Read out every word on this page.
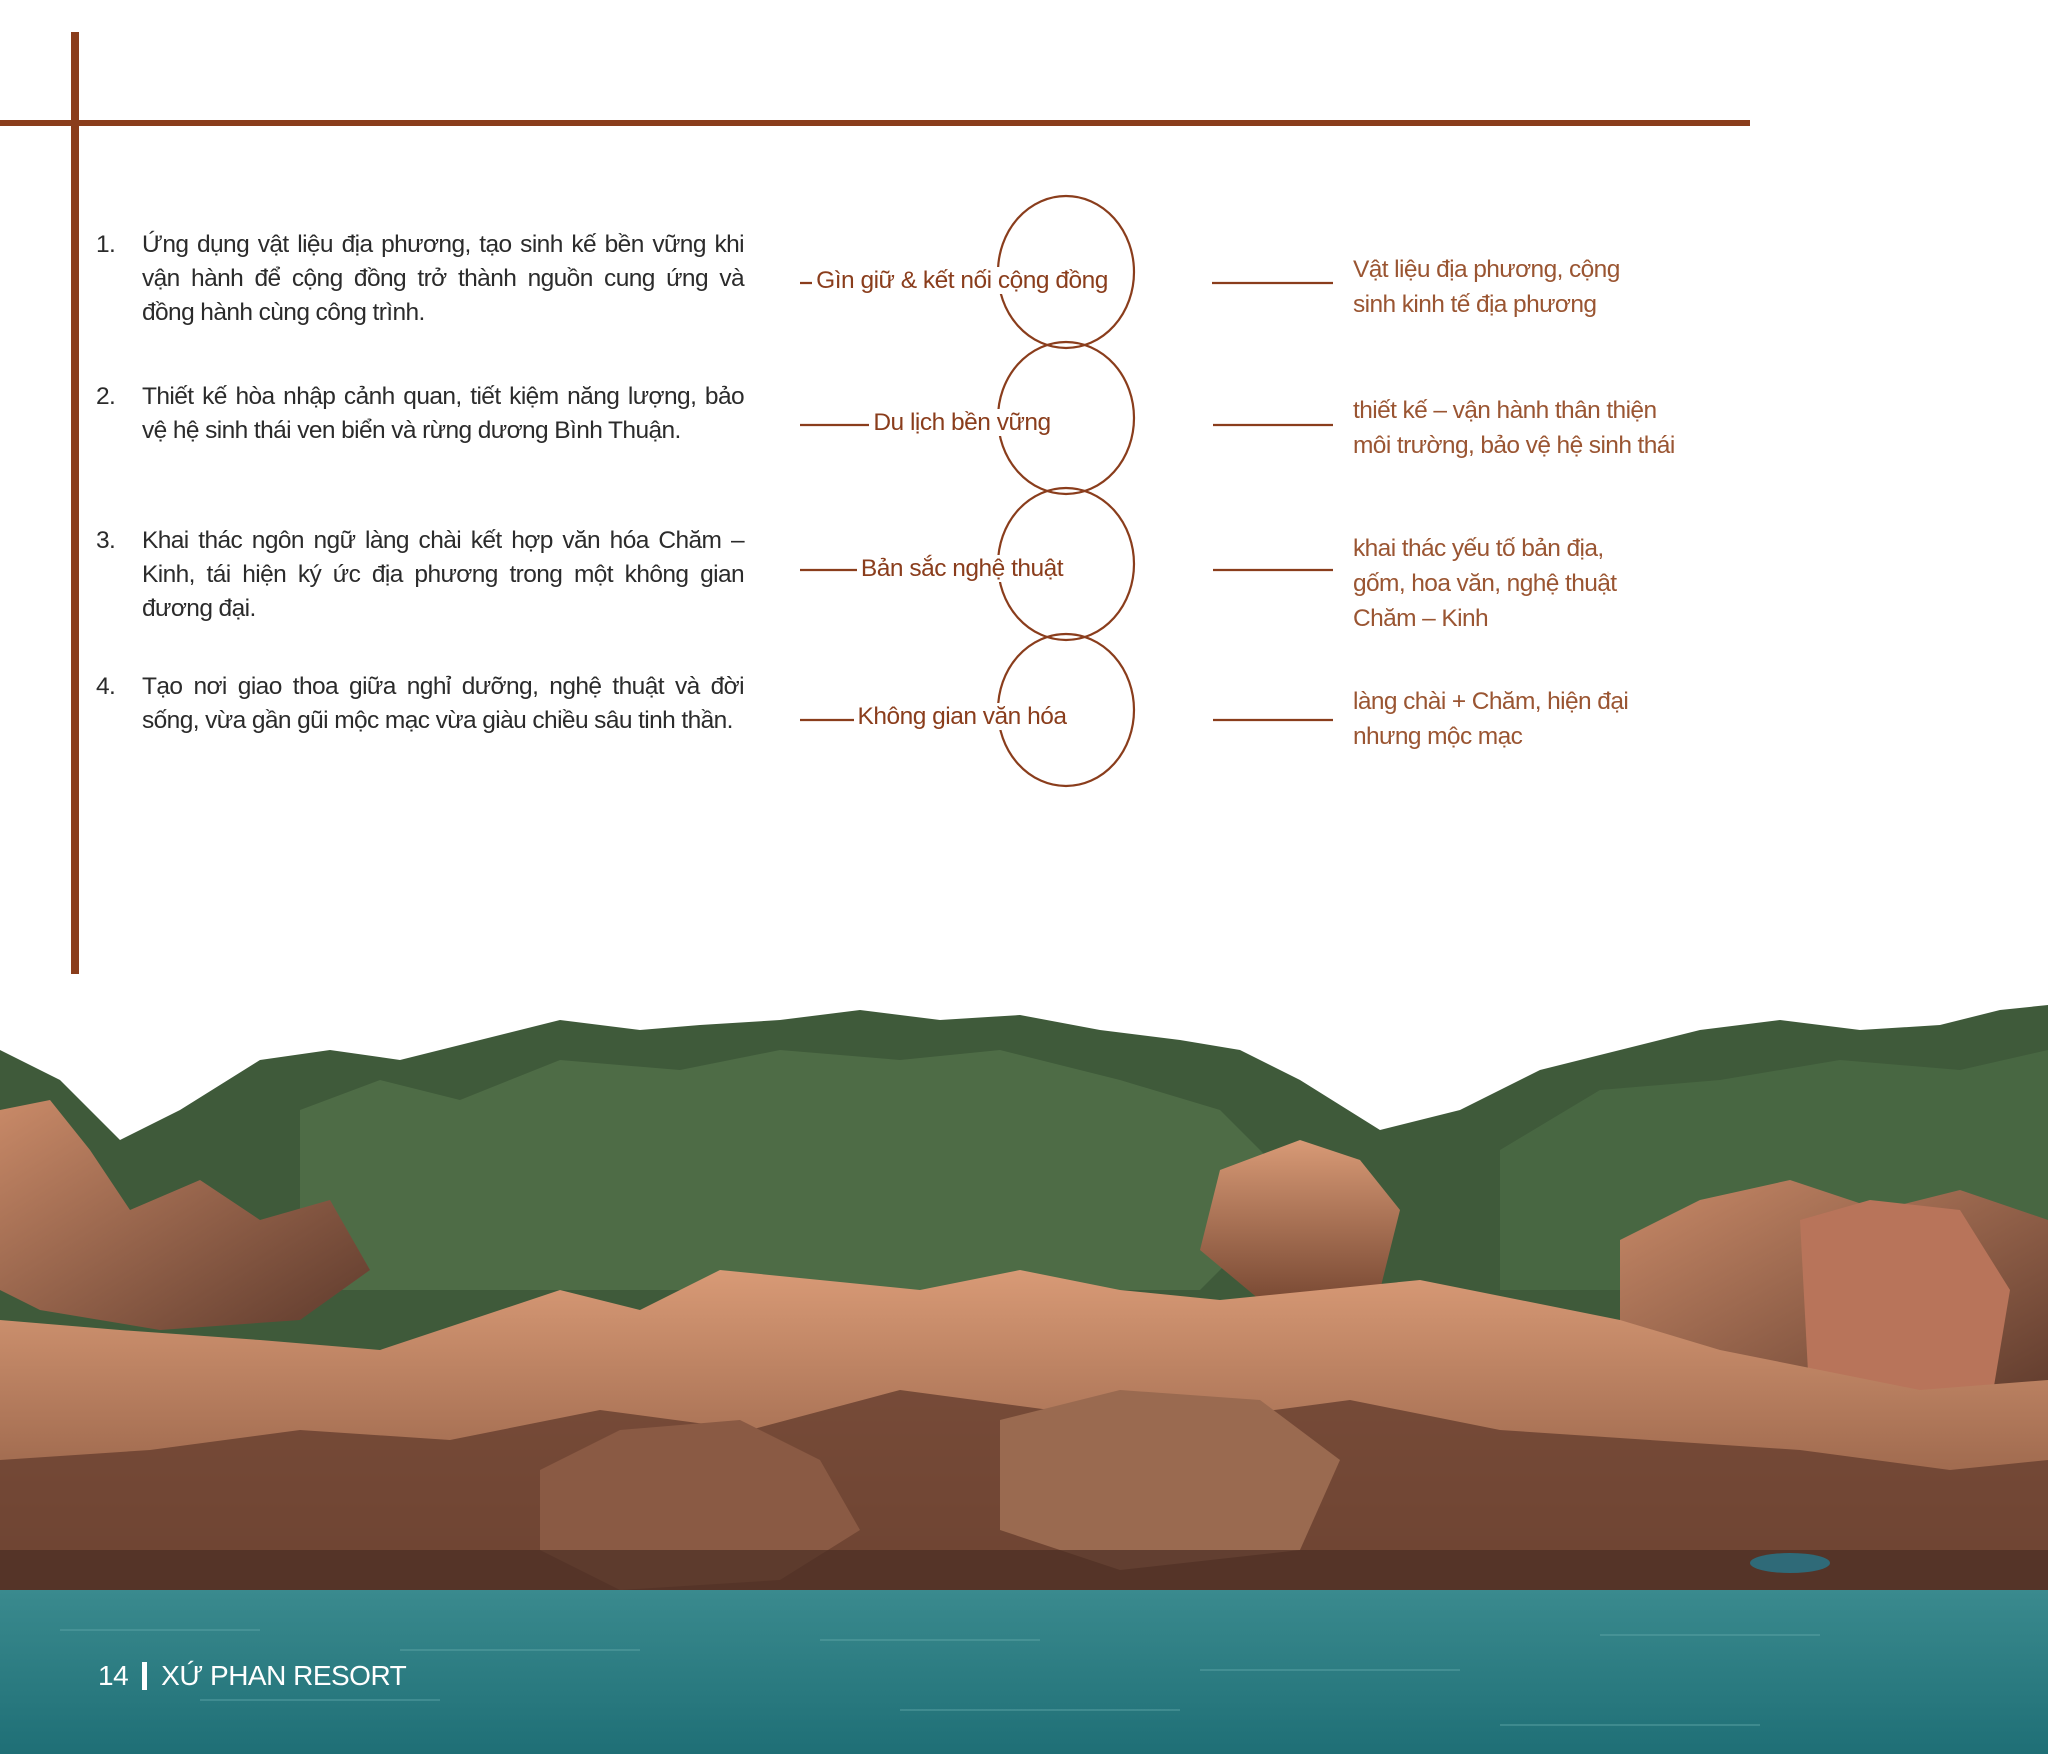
1.	Ứng dụng vật liệu địa phương, tạo sinh kế bền vững khi vận hành để cộng đồng trở thành nguồn cung ứng và đồng hành cùng công trình.
2.	Thiết kế hòa nhập cảnh quan, tiết kiệm năng lượng, bảo vệ hệ sinh thái ven biển và rừng dương Bình Thuận.
3.	Khai thác ngôn ngữ làng chài kết hợp văn hóa Chăm – Kinh, tái hiện ký ức địa phương trong một không gian đương đại.
4.	Tạo nơi giao thoa giữa nghỉ dưỡng, nghệ thuật và đời sống, vừa gần gũi mộc mạc vừa giàu chiều sâu tinh thần.
Gìn giữ & kết nối cộng đồng
Du lịch bền vững
Bản sắc nghệ thuật
Không gian văn hóa
Vật liệu địa phương, cộng
sinh kinh tế địa phương
thiết kế – vận hành thân thiện
môi trường, bảo vệ hệ sinh thái
khai thác yếu tố bản địa,
gốm, hoa văn, nghệ thuật
Chăm – Kinh
làng chài + Chăm, hiện đại
nhưng mộc mạc
14 XỨ PHAN RESORT
